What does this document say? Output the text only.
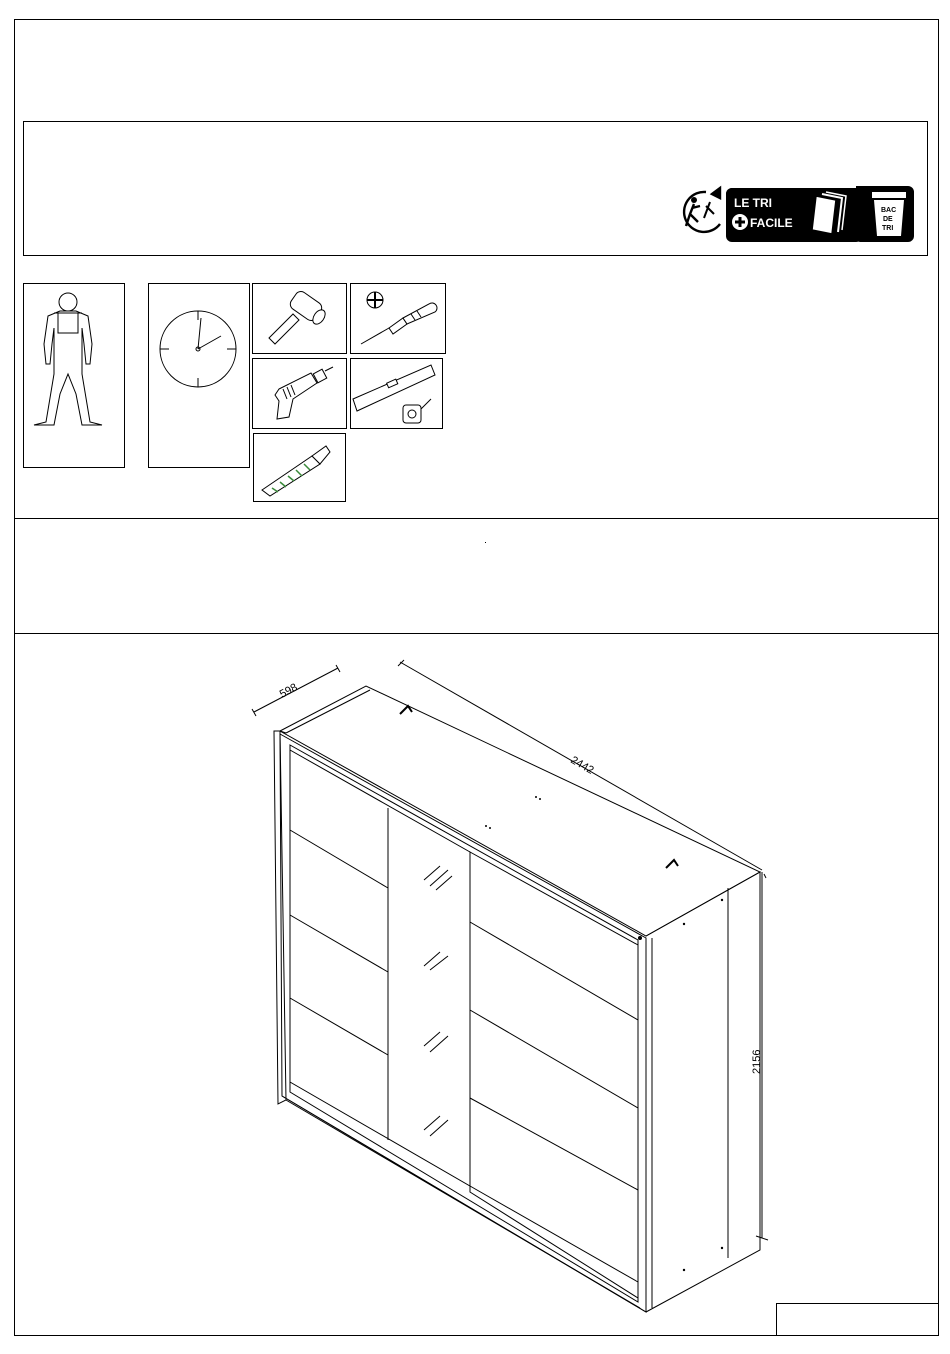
LE TRI
FACILE
BAC
DE
TRI
598
2442
2156
